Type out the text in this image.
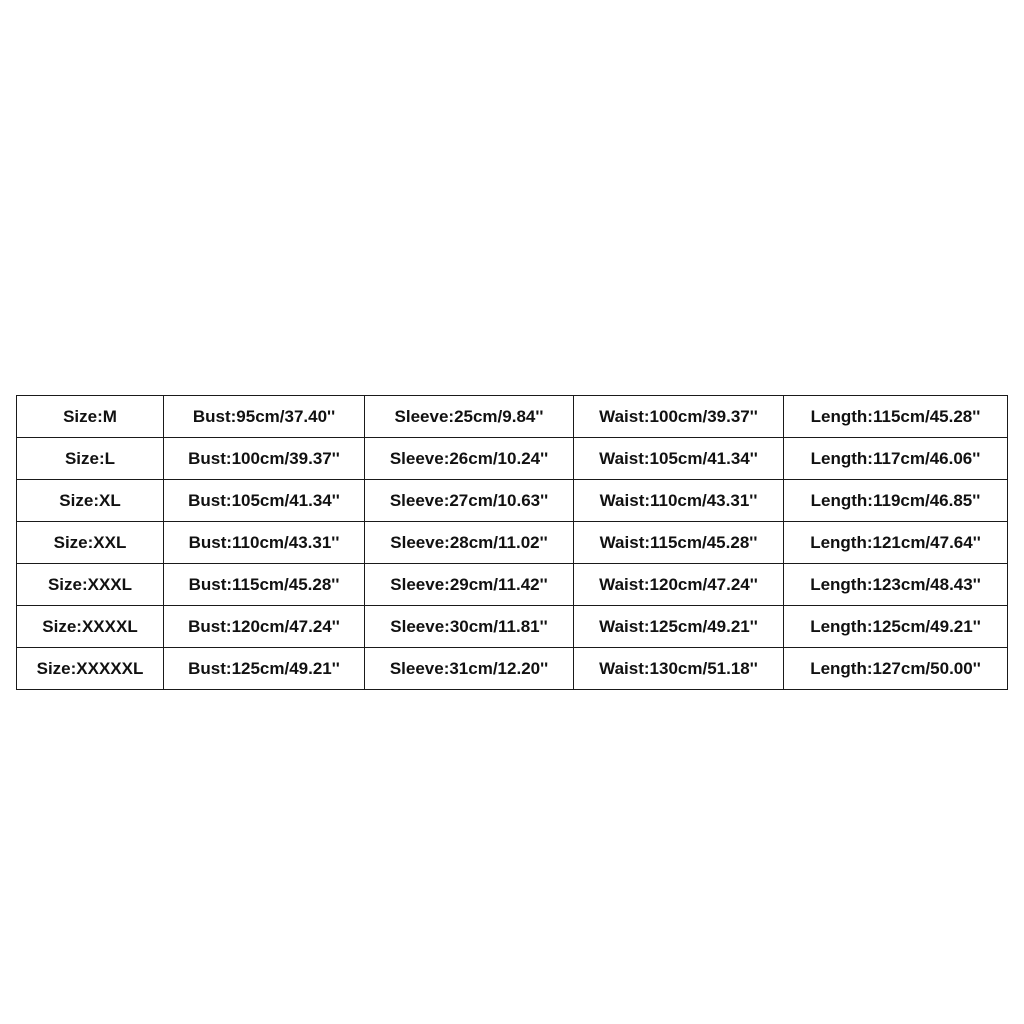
Size:M	Bust:95cm/37.40''	Sleeve:25cm/9.84''	Waist:100cm/39.37''	Length:115cm/45.28''
Size:L	Bust:100cm/39.37''	Sleeve:26cm/10.24''	Waist:105cm/41.34''	Length:117cm/46.06''
Size:XL	Bust:105cm/41.34''	Sleeve:27cm/10.63''	Waist:110cm/43.31''	Length:119cm/46.85''
Size:XXL	Bust:110cm/43.31''	Sleeve:28cm/11.02''	Waist:115cm/45.28''	Length:121cm/47.64''
Size:XXXL	Bust:115cm/45.28''	Sleeve:29cm/11.42''	Waist:120cm/47.24''	Length:123cm/48.43''
Size:XXXXL	Bust:120cm/47.24''	Sleeve:30cm/11.81''	Waist:125cm/49.21''	Length:125cm/49.21''
Size:XXXXXL	Bust:125cm/49.21''	Sleeve:31cm/12.20''	Waist:130cm/51.18''	Length:127cm/50.00''
